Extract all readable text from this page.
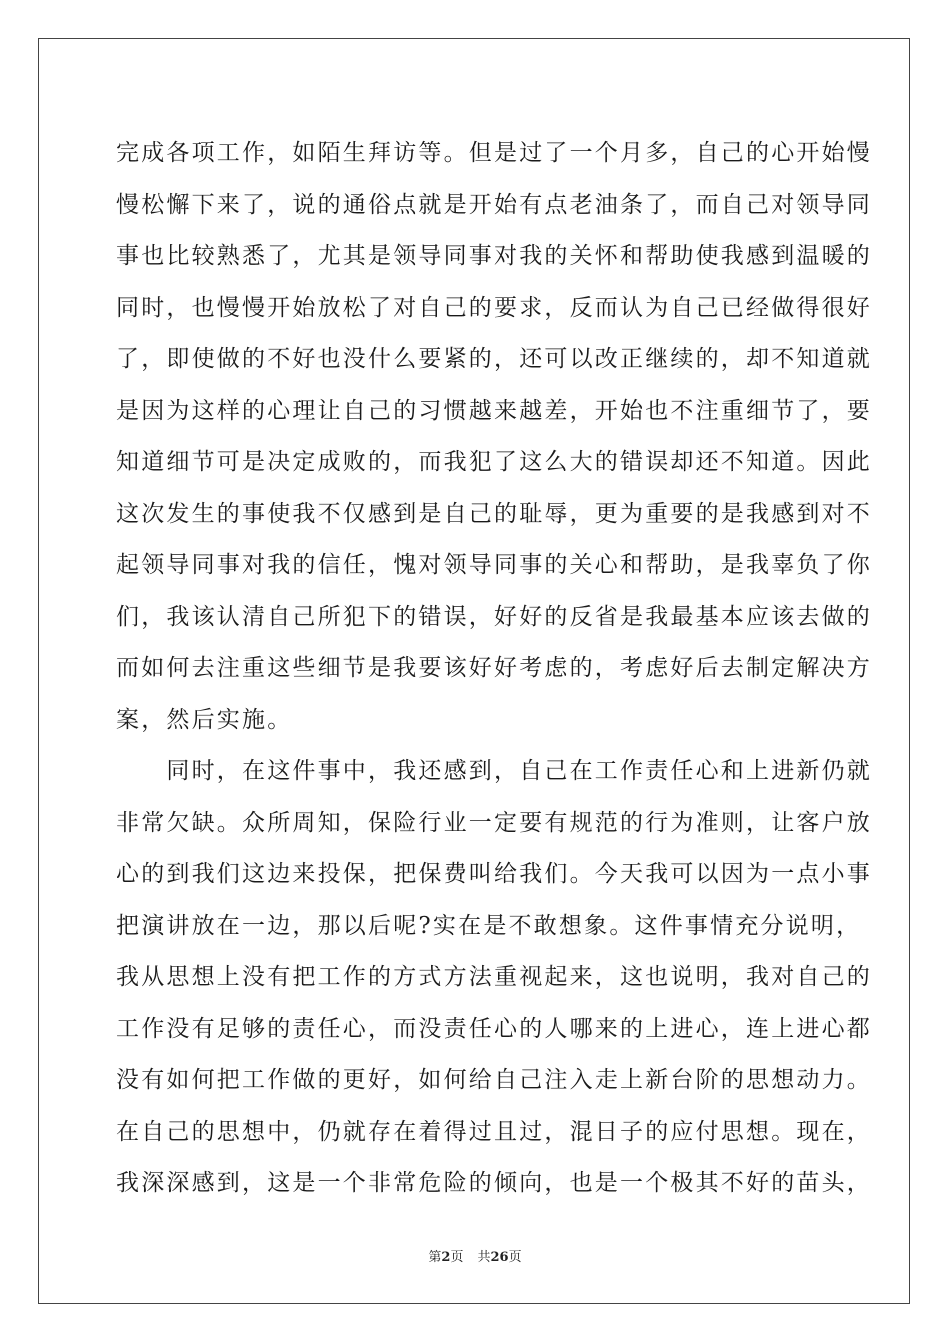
完成各项工作，如陌生拜访等。但是过了一个月多，自己的心开始慢
慢松懈下来了，说的通俗点就是开始有点老油条了，而自己对领导同
事也比较熟悉了，尤其是领导同事对我的关怀和帮助使我感到温暖的
同时，也慢慢开始放松了对自己的要求，反而认为自己已经做得很好
了，即使做的不好也没什么要紧的，还可以改正继续的，却不知道就
是因为这样的心理让自己的习惯越来越差，开始也不注重细节了，要
知道细节可是决定成败的，而我犯了这么大的错误却还不知道。因此
这次发生的事使我不仅感到是自己的耻辱，更为重要的是我感到对不
起领导同事对我的信任，愧对领导同事的关心和帮助，是我辜负了你
们，我该认清自己所犯下的错误，好好的反省是我最基本应该去做的
而如何去注重这些细节是我要该好好考虑的，考虑好后去制定解决方
案，然后实施。
　　同时，在这件事中，我还感到，自己在工作责任心和上进新仍就
非常欠缺。众所周知，保险行业一定要有规范的行为准则，让客户放
心的到我们这边来投保，把保费叫给我们。今天我可以因为一点小事
把演讲放在一边，那以后呢?实在是不敢想象。这件事情充分说明，
我从思想上没有把工作的方式方法重视起来，这也说明，我对自己的
工作没有足够的责任心，而没责任心的人哪来的上进心，连上进心都
没有如何把工作做的更好，如何给自己注入走上新台阶的思想动力。
在自己的思想中，仍就存在着得过且过，混日子的应付思想。现在，
我深深感到，这是一个非常危险的倾向，也是一个极其不好的苗头，
第2页 共26页
